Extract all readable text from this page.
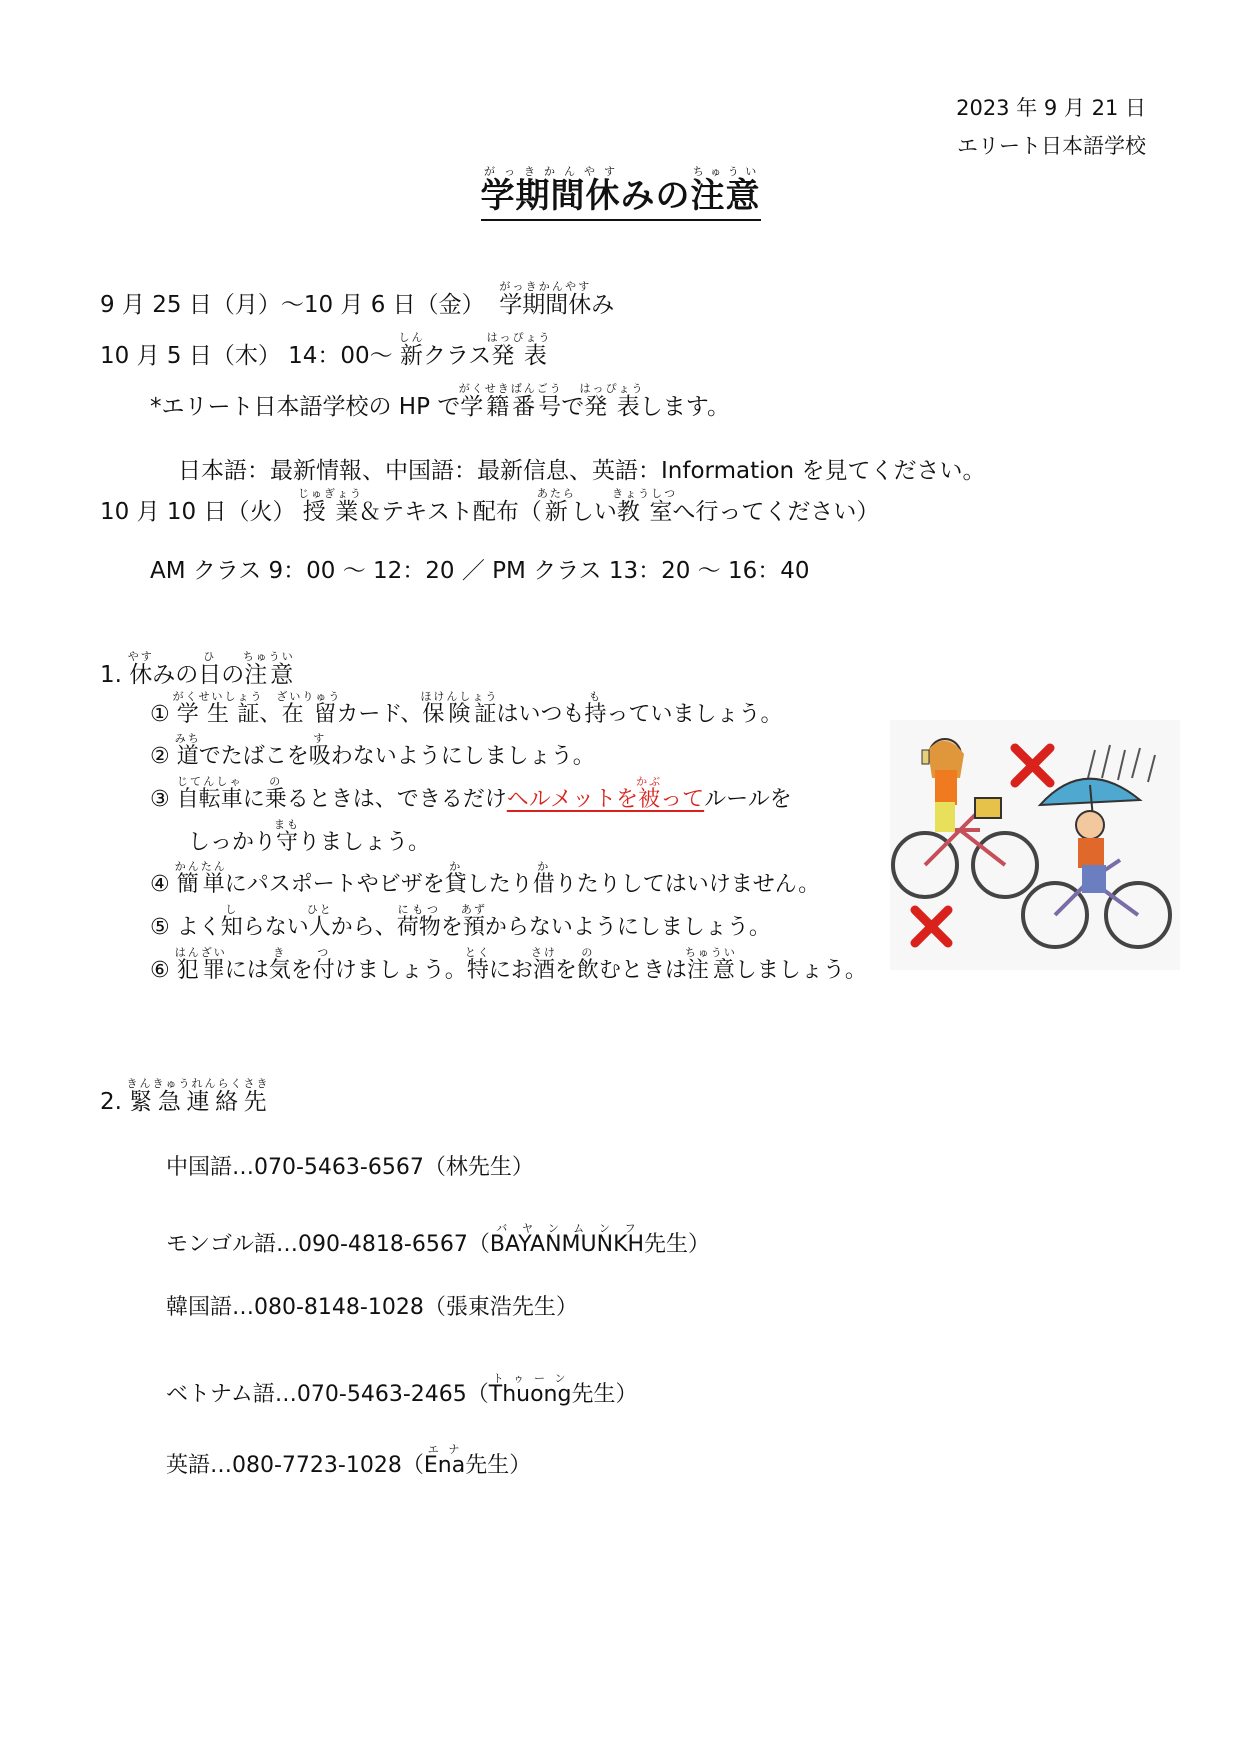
2023 年 9 月 21 日
エリート日本語学校
学期間休がっきかんやすみの注意ちゅうい
9 月 25 日（月）～10 月 6 日（金） 学期間休がっきかんやすみ
10 月 5 日（木） 14：00～ 新しんクラス発表はっぴょう
*エリート日本語学校の HP で学籍番号がくせきばんごうで発表はっぴょうします。
日本語：最新情報、中国語：最新信息、英語：Information を見てください。
10 月 10 日（火） 授業じゅぎょう＆テキスト配布（新あたらしい教室きょうしつへ行ってください）
AM クラス 9：00 ～ 12：20 ／ PM クラス 13：20 ～ 16：40
1. 休やすみの日ひの注意ちゅうい
① 学生証がくせいしょう、在留ざいりゅうカード、保険証ほけんしょうはいつも持もっていましょう。
② 道みちでたばこを吸すわないようにしましょう。
③ 自転車じてんしゃに乗のるときは、できるだけヘルメットを被かぶってルールを
しっかり守まもりましょう。
④ 簡単かんたんにパスポートやビザを貸かしたり借かりたりしてはいけません。
⑤ よく知しらない人ひとから、荷物にもつを預あずからないようにしましょう。
⑥ 犯罪はんざいには気きを付つけましょう。特とくにお酒さけを飲のむときは注意ちゅういしましょう。
2. 緊急連絡先きんきゅうれんらくさき
中国語…070-5463-6567（林先生）
モンゴル語…090-4818-6567（BAYANMUNKHバヤンムンフ先生）
韓国語…080-8148-1028（張東浩先生）
ベトナム語…070-5463-2465（Thuongトゥーン先生）
英語…080-7723-1028（Enaエナ先生）
